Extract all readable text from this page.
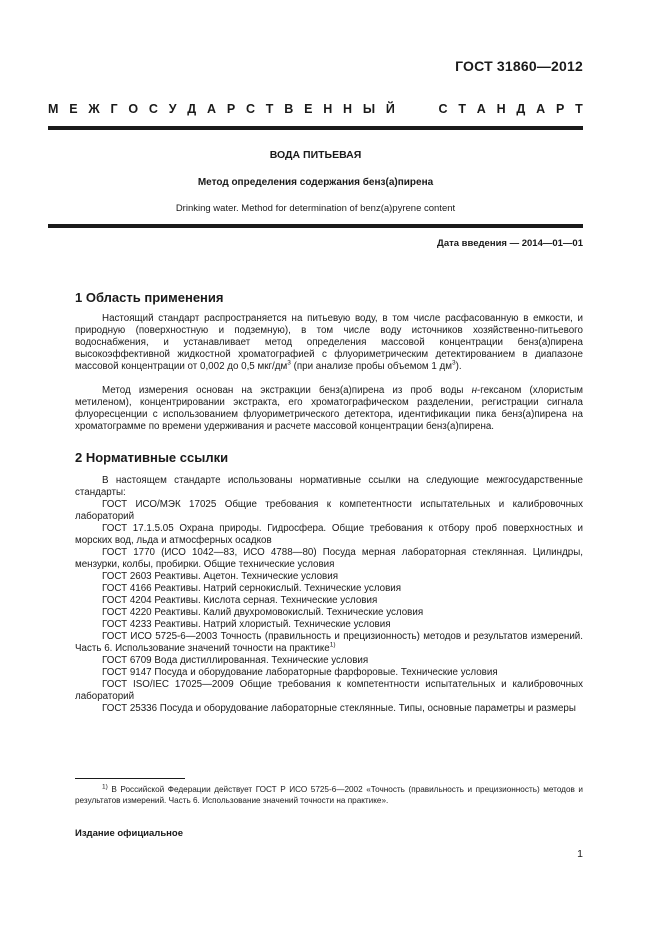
ГОСТ 31860—2012
М Е Ж Г О С У Д А Р С Т В Е Н Н Ы Й	С Т А Н Д А Р Т
ВОДА ПИТЬЕВАЯ
Метод определения содержания бенз(а)пирена
Drinking water. Method for determination of benz(a)pyrene content
Дата введения — 2014—01—01
1 Область применения

Настоящий стандарт распространяется на питьевую воду, в том числе расфасованную в емкости, и природную (поверхностную и подземную), в том числе воду источников хозяйственно-питьевого водоснабжения, и устанавливает метод определения массовой концентрации бенз(а)пирена высокоэффективной жидкостной хроматографией с флуориметрическим детектированием в диапазоне массовой концентрации от 0,002 до 0,5 мкг/$дм^3$ (при анализе пробы объемом 1 $дм^3$).

Метод измерения основан на экстракции бенз(а)пирена из проб воды н-гексаном (хлористым метиленом), концентрировании экстракта, его хроматографическом разделении, регистрации сигнала флуоресценции с использованием флуориметрического детектора, идентификации пика бенз(а)пирена на хроматограмме по времени удерживания и расчете массовой концентрации бенз(а)пирена.

2 Нормативные ссылки

В настоящем стандарте использованы нормативные ссылки на следующие межгосударственные стандарты:

ГОСТ ИСО/МЭК 17025 Общие требования к компетентности испытательных и калибровочных лабораторий
ГОСТ 17.1.5.05 Охрана природы. Гидросфера. Общие требования к отбору проб поверхностных и морских вод, льда и атмосферных осадков
ГОСТ 1770 (ИСО 1042—83, ИСО 4788—80) Посуда мерная лабораторная стеклянная. Цилиндры, мензурки, колбы, пробирки. Общие технические условия
ГОСТ 2603 Реактивы. Ацетон. Технические условия
ГОСТ 4166 Реактивы. Натрий сернокислый. Технические условия
ГОСТ 4204 Реактивы. Кислота серная. Технические условия
ГОСТ 4220 Реактивы. Калий двухромовокислый. Технические условия
ГОСТ 4233 Реактивы. Натрий хлористый. Технические условия
ГОСТ ИСО 5725-6—2003 Точность (правильность и прецизионность) методов и результатов измерений. Часть 6. Использование значений точности на практике$^{1)}$
ГОСТ 6709 Вода дистиллированная. Технические условия
ГОСТ 9147 Посуда и оборудование лабораторные фарфоровые. Технические условия
ГОСТ ISO/IEC 17025—2009 Общие требования к компетентности испытательных и калибровочных лабораторий
ГОСТ 25336 Посуда и оборудование лабораторные стеклянные. Типы, основные параметры и размеры
$^{1)}$ В Российской Федерации действует ГОСТ Р ИСО 5725-6—2002 «Точность (правильность и прецизионность) методов и результатов измерений. Часть 6. Использование значений точности на практике».
Издание официальное
1
